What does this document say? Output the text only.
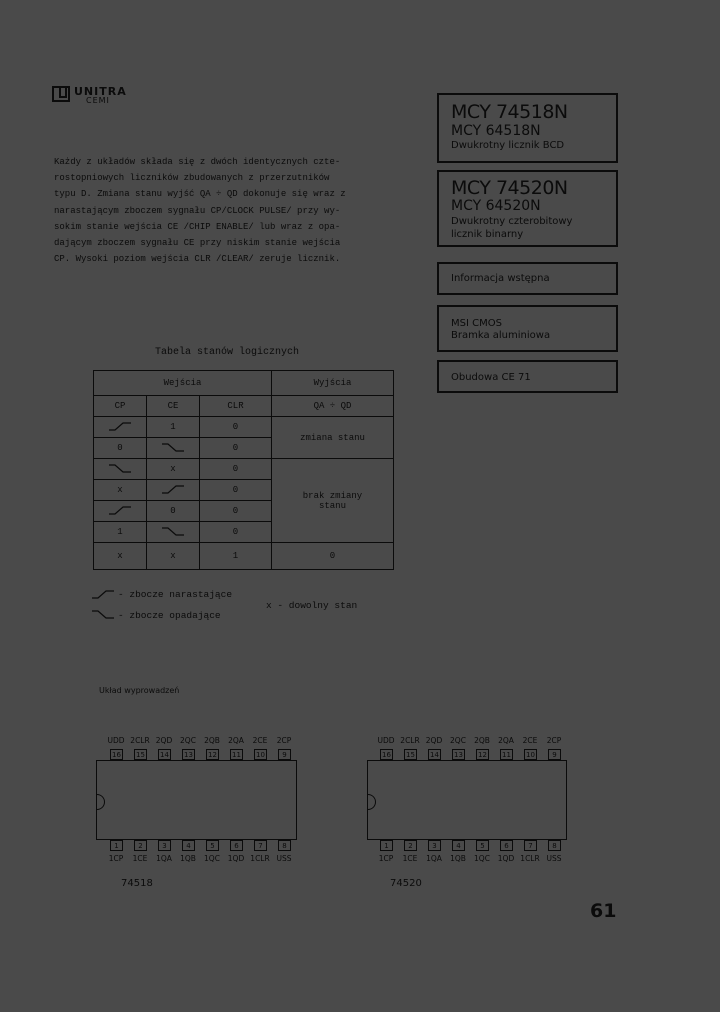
UNITRA
CEMI
MCY 74518N
MCY 64518N
Dwukrotny licznik BCD
MCY 74520N
MCY 64520N
Dwukrotny czterobitowy
licznik binarny
Informacja wstępna
MSI CMOS
Bramka aluminiowa
Obudowa CE 71
Każdy z układów składa się z dwóch identycznych czte-
rostopniowych liczników zbudowanych z przerzutników
typu D. Zmiana stanu wyjść QA ÷ QD dokonuje się wraz z
narastającym zboczem sygnału CP/CLOCK PULSE/ przy wy-
sokim stanie wejścia CE /CHIP ENABLE/ lub wraz z opa-
dającym zboczem sygnału CE przy niskim stanie wejścia
CP. Wysoki poziom wejścia CLR /CLEAR/ zeruje licznik.
Tabela stanów logicznych
Wejścia			Wyjścia
CP	CE	CLR	QA ÷ QD
	1	0	zmiana stanu
0		0	
	x	0	brak zmiany
stanu

x		0	
	0	0	
1		0	
x	x	1	0
- zbocze narastające
- zbocze opadające
x - dowolny stan
Układ wyprowadzeń
74518	74520
UDD
16
1
1CP
2CLR
15
2
1CE
2QD
14
3
1QA
2QC
13
4
1QB
2QB
12
5
1QC
2QA
11
6
1QD
2CE
10
7
1CLR
2CP
9
8
USS
UDD
16
1
1CP
2CLR
15
2
1CE
2QD
14
3
1QA
2QC
13
4
1QB
2QB
12
5
1QC
2QA
11
6
1QD
2CE
10
7
1CLR
2CP
9
8
USS
61
